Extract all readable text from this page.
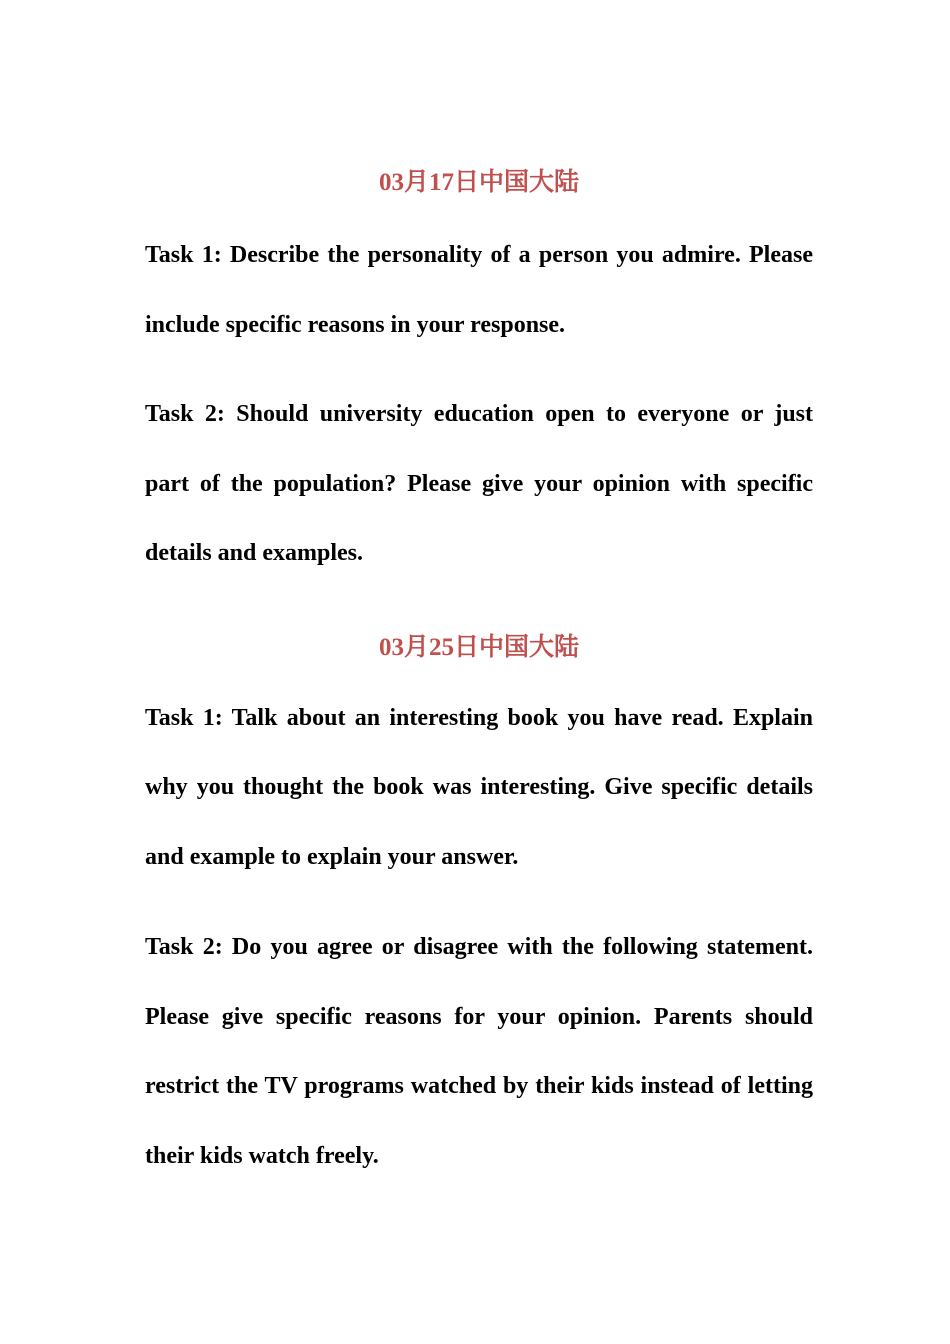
03月17日中国大陆

Task 1: Describe the personality of a person you admire. Please include specific reasons in your response.

Task 2: Should university education open to everyone or just part of the population? Please give your opinion with specific details and examples.

03月25日中国大陆

Task 1: Talk about an interesting book you have read. Explain why you thought the book was interesting. Give specific details and example to explain your answer.

Task 2: Do you agree or disagree with the following statement. Please give specific reasons for your opinion. Parents should restrict the TV programs watched by their kids instead of letting their kids watch freely.
